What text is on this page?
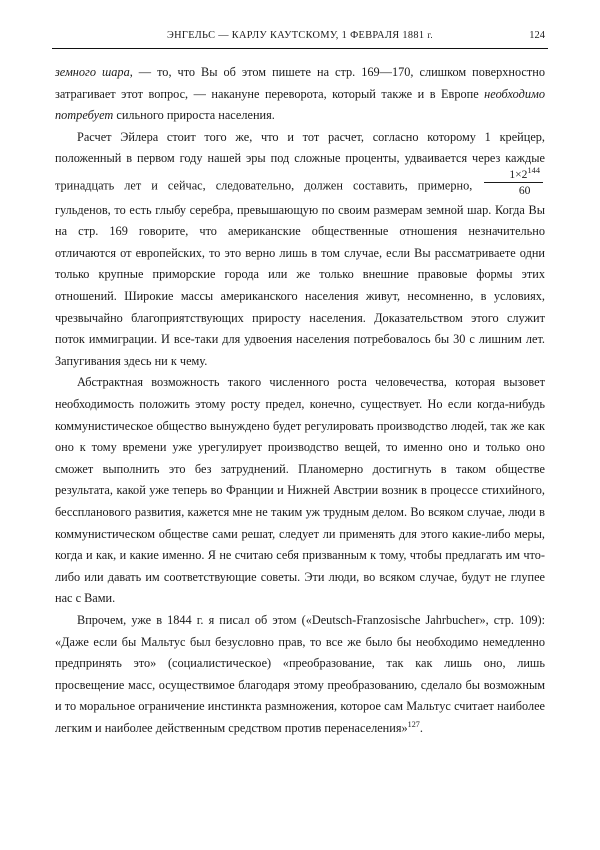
ЭНГЕЛЬС — КАРЛУ КАУТСКОМУ, 1 ФЕВРАЛЯ 1881 г.	124

земного шара, — то, что Вы об этом пишете на стр. 169—170, слишком поверхностно затрагивает этот вопрос, — накануне переворота, который также и в Европе необходимо потребует сильного прироста населения.

Расчет Эйлера стоит того же, что и тот расчет, согласно которому 1 крейцер, положенный в первом году нашей эры под сложные проценты, удваивается через каждые тринадцать лет и сейчас, следовательно, должен составить, примерно, $\frac{1\times 2^{144}}{60}$
гульденов, то есть глыбу серебра, превышающую по своим размерам земной шар. Когда Вы на стр. 169 говорите, что американские общественные отношения незначительно отличаются от европейских, то это верно лишь в том случае, если Вы рассматриваете одни только крупные приморские города или же только внешние правовые формы этих отношений. Широкие массы американского населения живут, несомненно, в условиях, чрезвычайно благоприятствующих приросту населения. Доказательством этого служит поток иммиграции. И все-таки для удвоения населения потребовалось бы 30 с лишним лет. Запугивания здесь ни к чему.

Абстрактная возможность такого численного роста человечества, которая вызовет необходимость положить этому росту предел, конечно, существует. Но если когда-нибудь коммунистическое общество вынуждено будет регулировать производство людей, так же как оно к тому времени уже урегулирует производство вещей, то именно оно и только оно сможет выполнить это без затруднений. Планомерно достигнуть в таком обществе результата, какой уже теперь во Франции и Нижней Австрии возник в процессе стихийного, бесспланового развития, кажется мне не таким уж трудным делом. Во всяком случае, люди в коммунистическом обществе сами решат, следует ли применять для этого какие-либо меры, когда и как, и какие именно. Я не считаю себя призванным к тому, чтобы предлагать им что-либо или давать им соответствующие советы. Эти люди, во всяком случае, будут не глупее нас с Вами.

Впрочем, уже в 1844 г. я писал об этом («Deutsch-Franzosische Jahrbucher», стр. 109): «Даже если бы Мальтус был безусловно прав, то все же было бы необходимо немедленно предпринять это» (социалистическое) «преобразование, так как лишь оно, лишь просвещение масс, осуществимое благодаря этому преобразованию, сделало бы возможным и то моральное ограничение инстинкта размножения, которое сам Мальтус считает наиболее легким и наиболее действенным средством против перенаселения»$^{127}$.
